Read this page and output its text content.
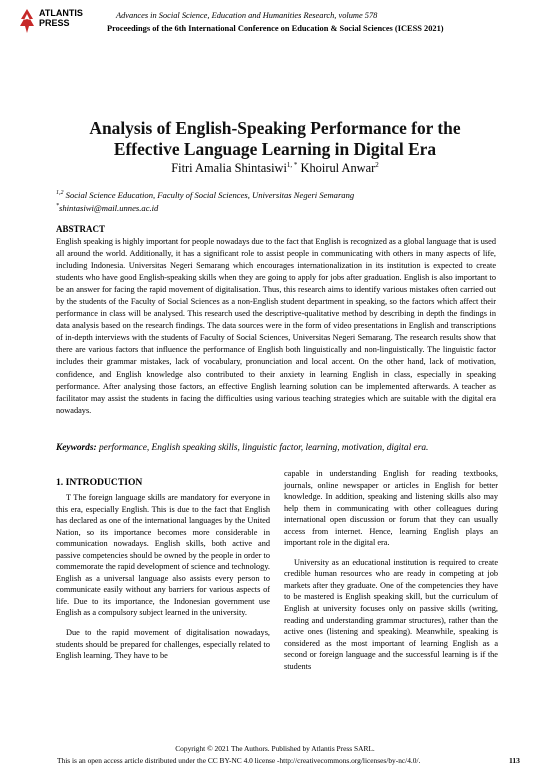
ATLANTIS
PRESS
Advances in Social Science, Education and Humanities Research, volume 578
Proceedings of the 6th International Conference on Education & Social Sciences (ICESS 2021)
Analysis of English-Speaking Performance for the
Effective Language Learning in Digital Era
Fitri Amalia Shintasiwi$^{1, *}$ Khoirul Anwar$^2$
$^{1,2}$ Social Science Education, Faculty of Social Sciences, Universitas Negeri Semarang
*shintasiwi@mail.unnes.ac.id
ABSTRACT
English speaking is highly important for people nowadays due to the fact that English is recognized as a global language that is used all around the world. Additionally, it has a significant role to assist people in communicating with others in many aspects of life, including Indonesia. Universitas Negeri Semarang which encourages internationalization in its institution is expected to create students who have good English-speaking skills when they are going to apply for jobs after graduation. English is also important to be an answer for facing the rapid movement of digitalisation. Thus, this research aims to identify various mistakes often carried out by the students of the Faculty of Social Sciences as a non-English student department in speaking, so the factors which affect their performance in class will be analysed. This research used the descriptive-qualitative method by describing in depth the findings in data analysis based on the research findings. The data sources were in the form of video presentations in English and transcriptions of in-depth interviews with the students of Faculty of Social Sciences, Universitas Negeri Semarang. The research results show that there are various factors that influence the performance of English both linguistically and non-linguistically. The linguistic factor includes their grammar mistakes, lack of vocabulary, pronunciation and local accent. On the other hand, lack of motivation, confidence, and English knowledge also contributed to their anxiety in learning English in class, especially in speaking performance. After analysing those factors, an effective English learning solution can be implemented afterwards. A teacher as facilitator may assist the students in facing the difficulties using various teaching strategies which are suitable with the digital era nowadays.
Keywords: performance, English speaking skills, linguistic factor, learning, motivation, digital era.
1. INTRODUCTION

T The foreign language skills are mandatory for everyone in this era, especially English. This is due to the fact that English has declared as one of the international languages by the United Nation, so its importance becomes more considerable in communication nowadays. English skills, both active and passive competencies should be owned by the people in order to commemorate the rapid development of science and technology. English as a universal language also assists every person to communicate easily without any barriers for various aspects of life. Due to its importance, the Indonesian government use English as a compulsory subject learned in the university.

Due to the rapid movement of digitalisation nowadays, students should be prepared for challenges, especially related to English learning. They have to be

capable in understanding English for reading textbooks, journals, online newspaper or articles in English for better knowledge. In addition, speaking and listening skills also may help them in communicating with other colleagues during international open discussion or forum that they can usually access from internet. Hence, learning English plays an important role in the digital era.

University as an educational institution is required to create credible human resources who are ready in competing at job markets after they graduate. One of the competencies they have to be mastered is English speaking skill, but the curriculum of English at university focuses only on passive skills (writing, reading and understanding grammar structures), rather than the active ones (listening and speaking). Meanwhile, speaking is considered as the most important of learning English as a second or foreign language and the successful learning is if the students

Copyright © 2021 The Authors. Published by Atlantis Press SARL.
This is an open access article distributed under the CC BY-NC 4.0 license -http://creativecommons.org/licenses/by-nc/4.0/.	113
